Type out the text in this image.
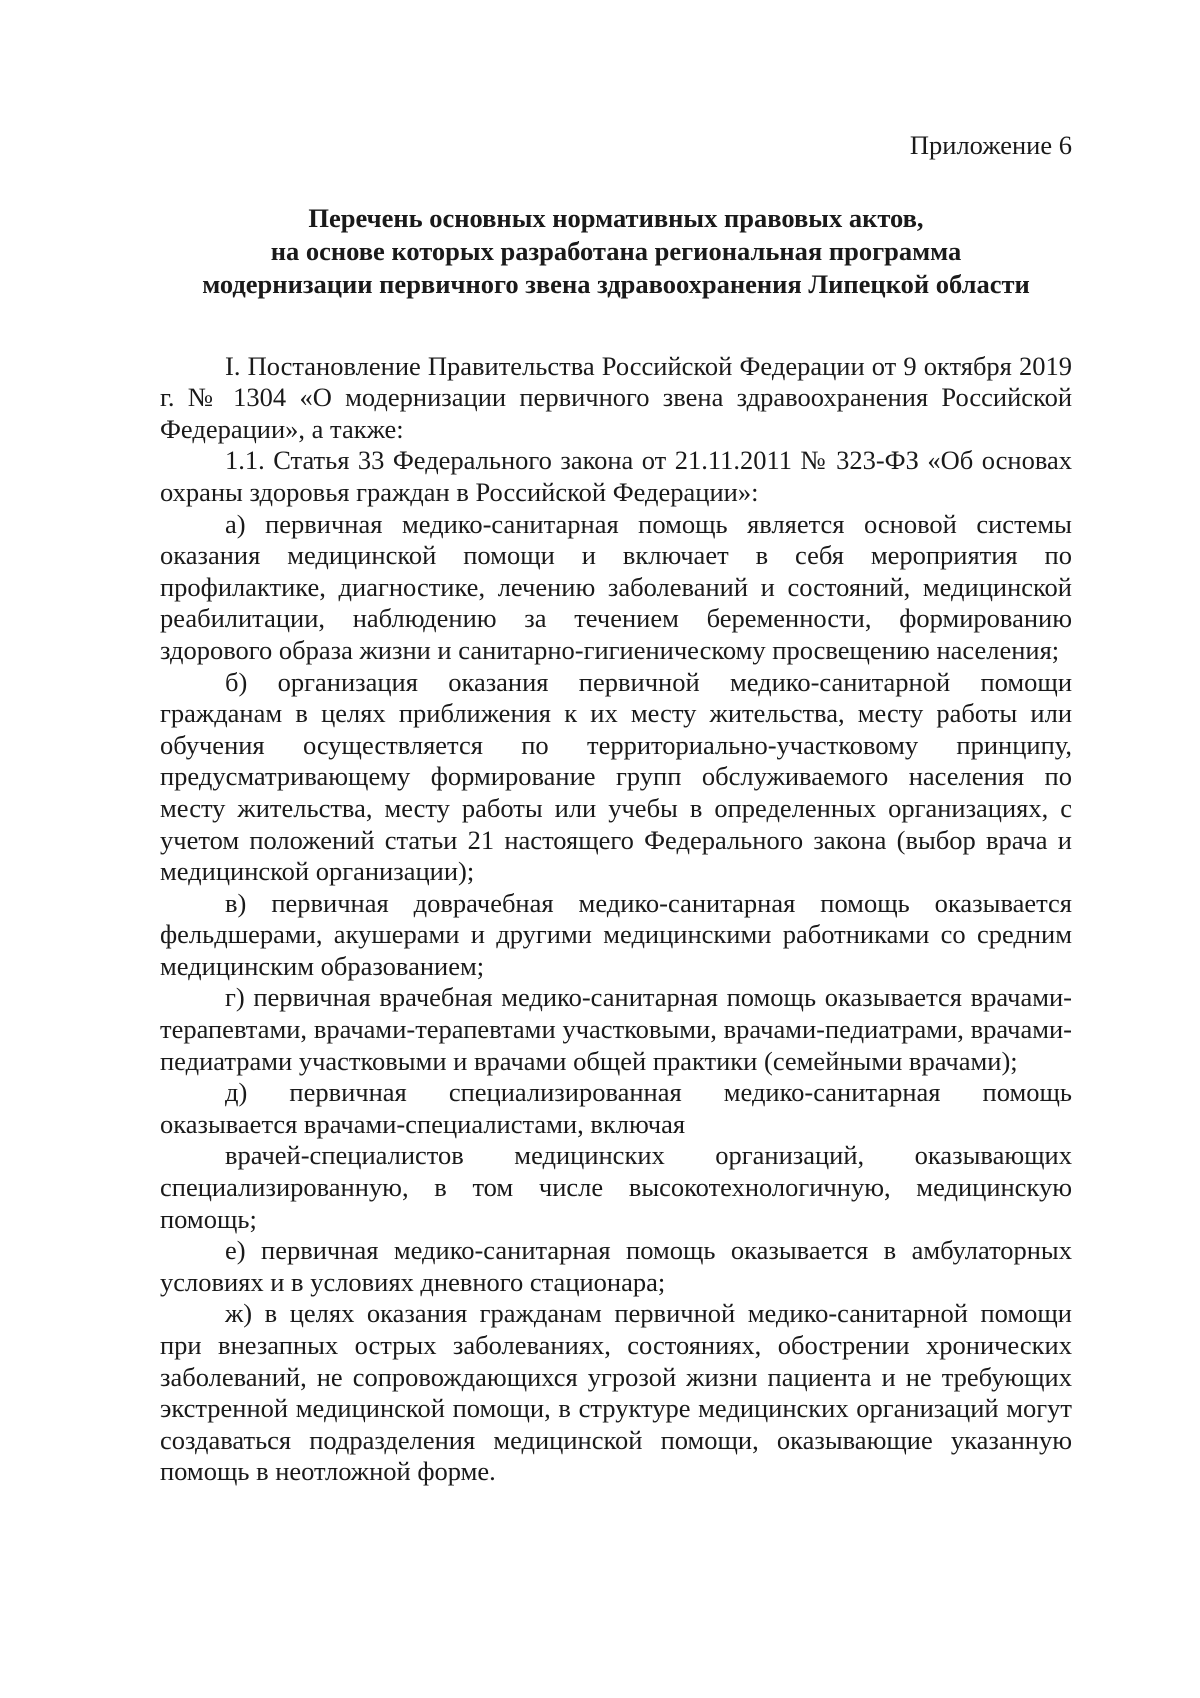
Приложение 6

Перечень основных нормативных правовых актов,
на основе которых разработана региональная программа
модернизации первичного звена здравоохранения Липецкой области

I. Постановление Правительства Российской Федерации от 9 октября 2019 г. № 1304 «О модернизации первичного звена здравоохранения Российской Федерации», а также:

1.1. Статья 33 Федерального закона от 21.11.2011 № 323-ФЗ «Об основах охраны здоровья граждан в Российской Федерации»:

а) первичная медико-санитарная помощь является основой системы оказания медицинской помощи и включает в себя мероприятия по профилактике, диагностике, лечению заболеваний и состояний, медицинской реабилитации, наблюдению за течением беременности, формированию здорового образа жизни и санитарно-гигиеническому просвещению населения;

б) организация оказания первичной медико-санитарной помощи гражданам в целях приближения к их месту жительства, месту работы или обучения осуществляется по территориально-участковому принципу, предусматривающему формирование групп обслуживаемого населения по месту жительства, месту работы или учебы в определенных организациях, с учетом положений статьи 21 настоящего Федерального закона (выбор врача и медицинской организации);

в) первичная доврачебная медико-санитарная помощь оказывается фельдшерами, акушерами и другими медицинскими работниками со средним медицинским образованием;

г) первичная врачебная медико-санитарная помощь оказывается врачами-терапевтами, врачами-терапевтами участковыми, врачами-педиатрами, врачами-педиатрами участковыми и врачами общей практики (семейными врачами);

д) первичная специализированная медико-санитарная помощь оказывается врачами-специалистами, включая

врачей-специалистов медицинских организаций, оказывающих специализированную, в том числе высокотехнологичную, медицинскую помощь;

е) первичная медико-санитарная помощь оказывается в амбулаторных условиях и в условиях дневного стационара;

ж) в целях оказания гражданам первичной медико-санитарной помощи при внезапных острых заболеваниях, состояниях, обострении хронических заболеваний, не сопровождающихся угрозой жизни пациента и не требующих экстренной медицинской помощи, в структуре медицинских организаций могут создаваться подразделения медицинской помощи, оказывающие указанную помощь в неотложной форме.
